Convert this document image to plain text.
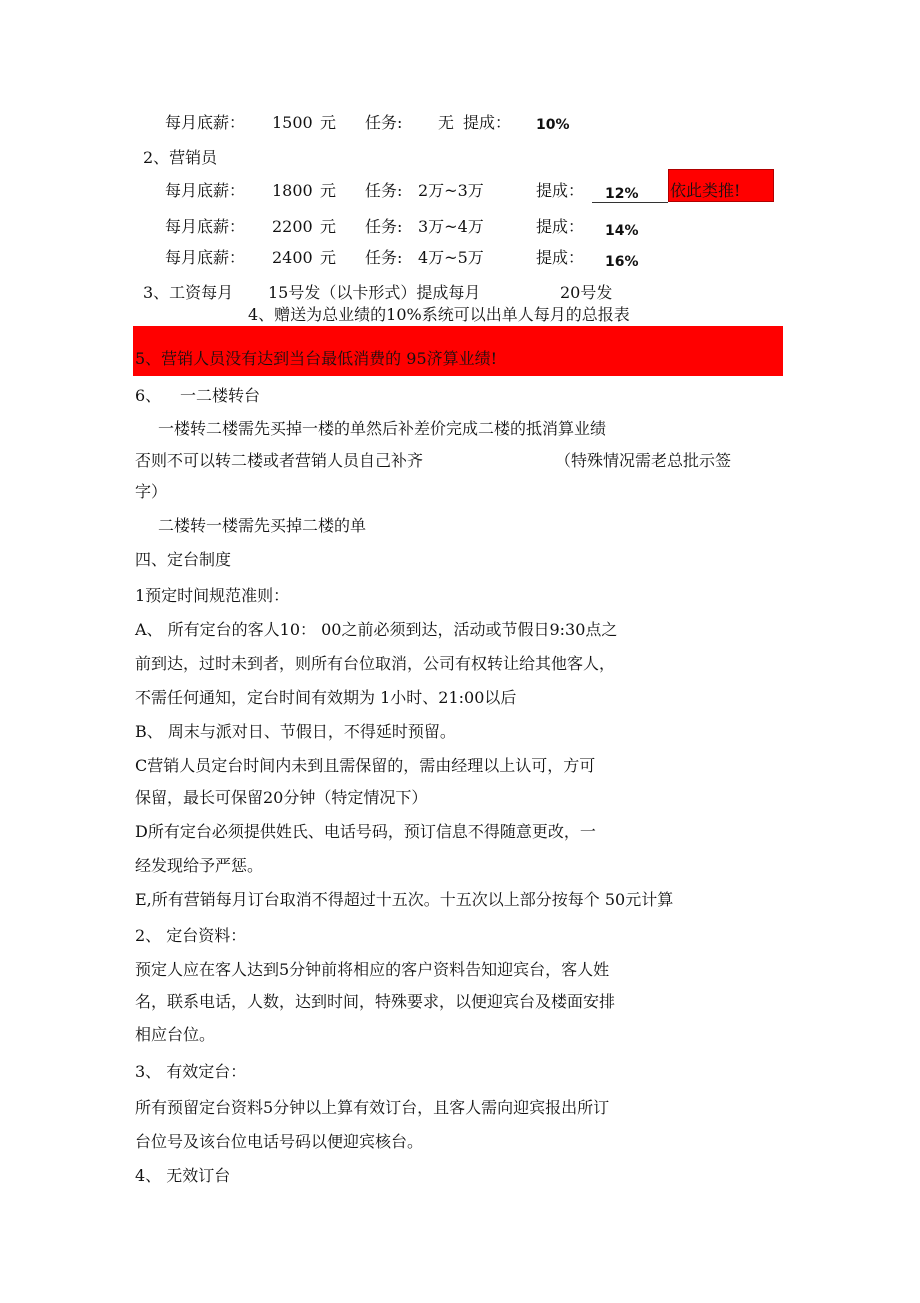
每月底薪： 1500 元 任务: 无 提成： 10%
2、营销员
每月底薪： 1800 元 任务: 2万~3万	提成： 12% 依此类推!
每月底薪： 2200 元 任务: 3万~4万	提成： 14%
每月底薪： 2400 元 任务: 4万~5万	提成： 16%
3、工资每月 15号发（以卡形式）提成每月	20号发
4、赠送为总业绩的10%系统可以出单人每月的总报表
5、营销人员没有达到当台最低消费的 95济算业绩!
6、 一二楼转台
一楼转二楼需先买掉一楼的单然后补差价完成二楼的抵消算业绩
否则不可以转二楼或者营销人员自己补齐	（特殊情况需老总批示签
字）
二楼转一楼需先买掉二楼的单
四、定台制度
1预定时间规范准则：
A、 所有定台的客人10： 00之前必须到达，活动或节假日9:30点之
前到达，过时未到者，则所有台位取消，公司有权转让给其他客人，
不需任何通知，定台时间有效期为 1小时、21:00以后
B、 周末与派对日、节假日，不得延时预留。
C营销人员定台时间内未到且需保留的，需由经理以上认可，方可
保留，最长可保留20分钟（特定情况下）
D所有定台必须提供姓氏、电话号码，预订信息不得随意更改，一
经发现给予严惩。
E,所有营销每月订台取消不得超过十五次。十五次以上部分按每个 50元计算
2、 定台资料：
预定人应在客人达到5分钟前将相应的客户资料告知迎宾台，客人姓
名，联系电话，人数，达到时间，特殊要求，以便迎宾台及楼面安排
相应台位。
3、 有效定台：
所有预留定台资料5分钟以上算有效订台，且客人需向迎宾报出所订
台位号及该台位电话号码以便迎宾核台。
4、 无效订台
